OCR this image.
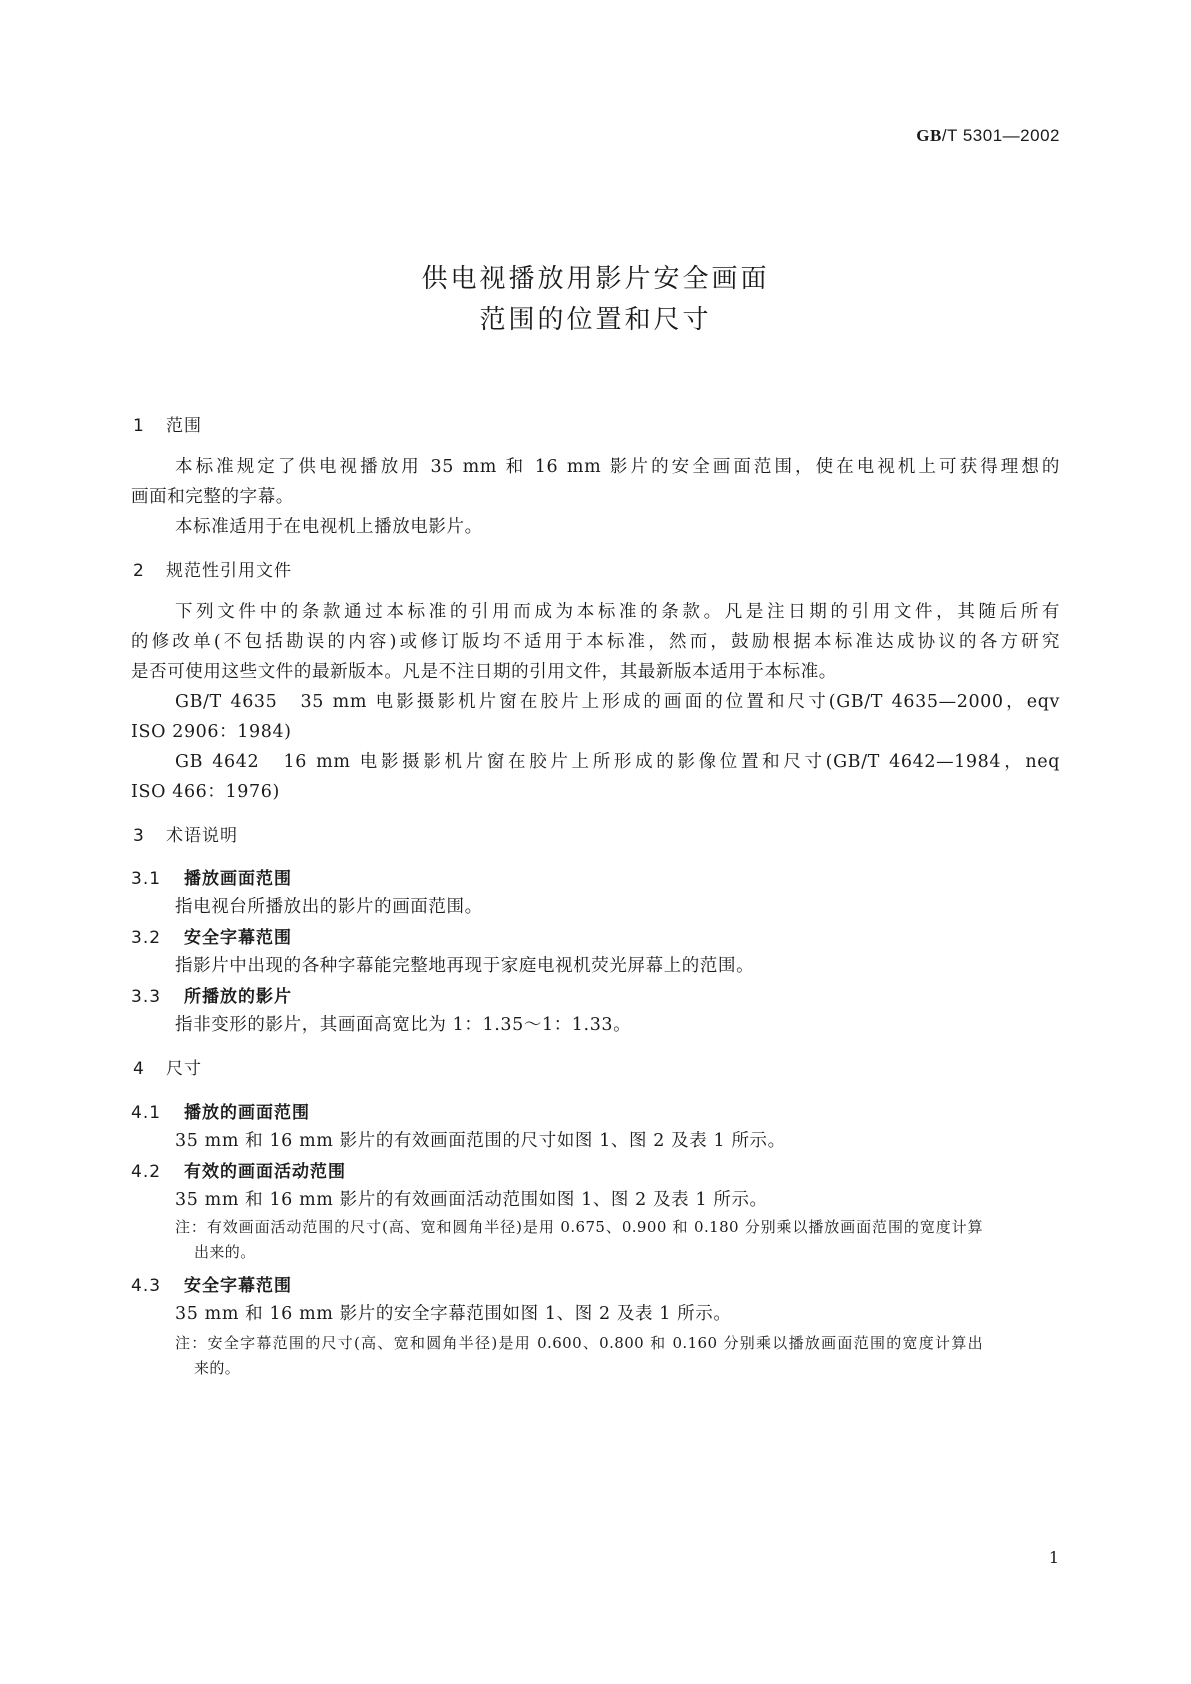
GB/T 5301—2002
供电视播放用影片安全画面
范围的位置和尺寸
1 范围
本标准规定了供电视播放用 35 mm 和 16 mm 影片的安全画面范围，使在电视机上可获得理想的
画面和完整的字幕。
本标准适用于在电视机上播放电影片。
2 规范性引用文件
下列文件中的条款通过本标准的引用而成为本标准的条款。凡是注日期的引用文件，其随后所有
的修改单(不包括勘误的内容)或修订版均不适用于本标准，然而，鼓励根据本标准达成协议的各方研究
是否可使用这些文件的最新版本。凡是不注日期的引用文件，其最新版本适用于本标准。
GB/T 4635　35 mm 电影摄影机片窗在胶片上形成的画面的位置和尺寸(GB/T 4635—2000，eqv
ISO 2906：1984)
GB 4642　16 mm 电影摄影机片窗在胶片上所形成的影像位置和尺寸(GB/T 4642—1984，neq
ISO 466：1976)
3 术语说明
3.1 播放画面范围
指电视台所播放出的影片的画面范围。
3.2 安全字幕范围
指影片中出现的各种字幕能完整地再现于家庭电视机荧光屏幕上的范围。
3.3 所播放的影片
指非变形的影片，其画面高宽比为 1：1.35～1：1.33。
4 尺寸
4.1 播放的画面范围
35 mm 和 16 mm 影片的有效画面范围的尺寸如图 1、图 2 及表 1 所示。
4.2 有效的画面活动范围
35 mm 和 16 mm 影片的有效画面活动范围如图 1、图 2 及表 1 所示。
注：有效画面活动范围的尺寸(高、宽和圆角半径)是用 0.675、0.900 和 0.180 分别乘以播放画面范围的宽度计算
出来的。
4.3 安全字幕范围
35 mm 和 16 mm 影片的安全字幕范围如图 1、图 2 及表 1 所示。
注：安全字幕范围的尺寸(高、宽和圆角半径)是用 0.600、0.800 和 0.160 分别乘以播放画面范围的宽度计算出
来的。
1
